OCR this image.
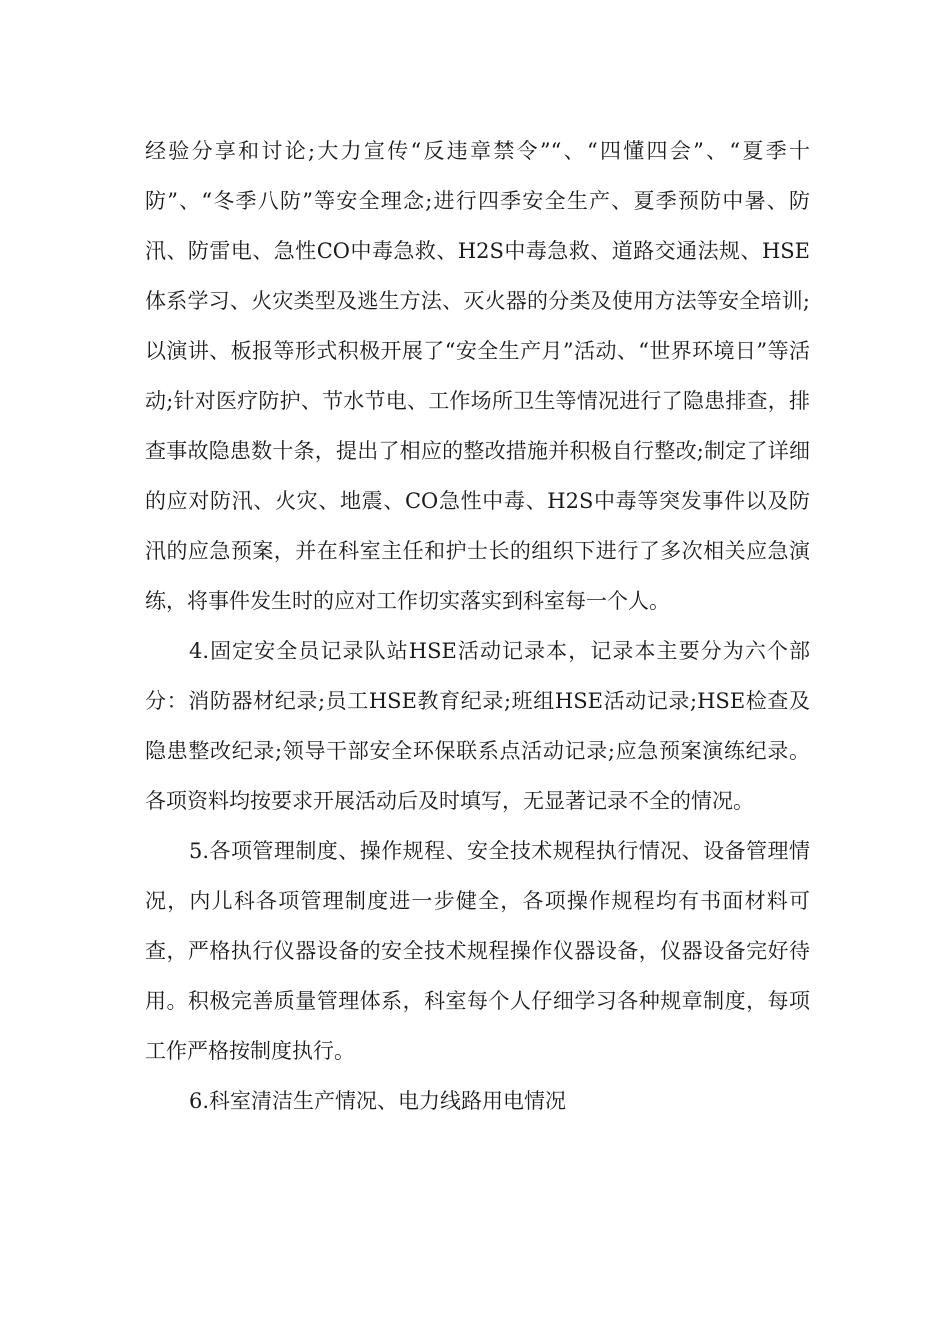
经验分享和讨论;大力宣传“反违章禁令”“、“四懂四会”、“夏季十防”、“冬季八防”等安全理念;进行四季安全生产、夏季预防中暑、防汛、防雷电、急性CO中毒急救、H2S中毒急救、道路交通法规、HSE体系学习、火灾类型及逃生方法、灭火器的分类及使用方法等安全培训;以演讲、板报等形式积极开展了“安全生产月”活动、“世界环境日”等活动;针对医疗防护、节水节电、工作场所卫生等情况进行了隐患排查，排查事故隐患数十条，提出了相应的整改措施并积极自行整改;制定了详细的应对防汛、火灾、地震、CO急性中毒、H2S中毒等突发事件以及防汛的应急预案，并在科室主任和护士长的组织下进行了多次相关应急演练，将事件发生时的应对工作切实落实到科室每一个人。

4.固定安全员记录队站HSE活动记录本，记录本主要分为六个部分：消防器材纪录;员工HSE教育纪录;班组HSE活动记录;HSE检查及隐患整改纪录;领导干部安全环保联系点活动记录;应急预案演练纪录。各项资料均按要求开展活动后及时填写，无显著记录不全的情况。

5.各项管理制度、操作规程、安全技术规程执行情况、设备管理情况，内儿科各项管理制度进一步健全，各项操作规程均有书面材料可查，严格执行仪器设备的安全技术规程操作仪器设备，仪器设备完好待用。积极完善质量管理体系，科室每个人仔细学习各种规章制度，每项工作严格按制度执行。

6.科室清洁生产情况、电力线路用电情况
